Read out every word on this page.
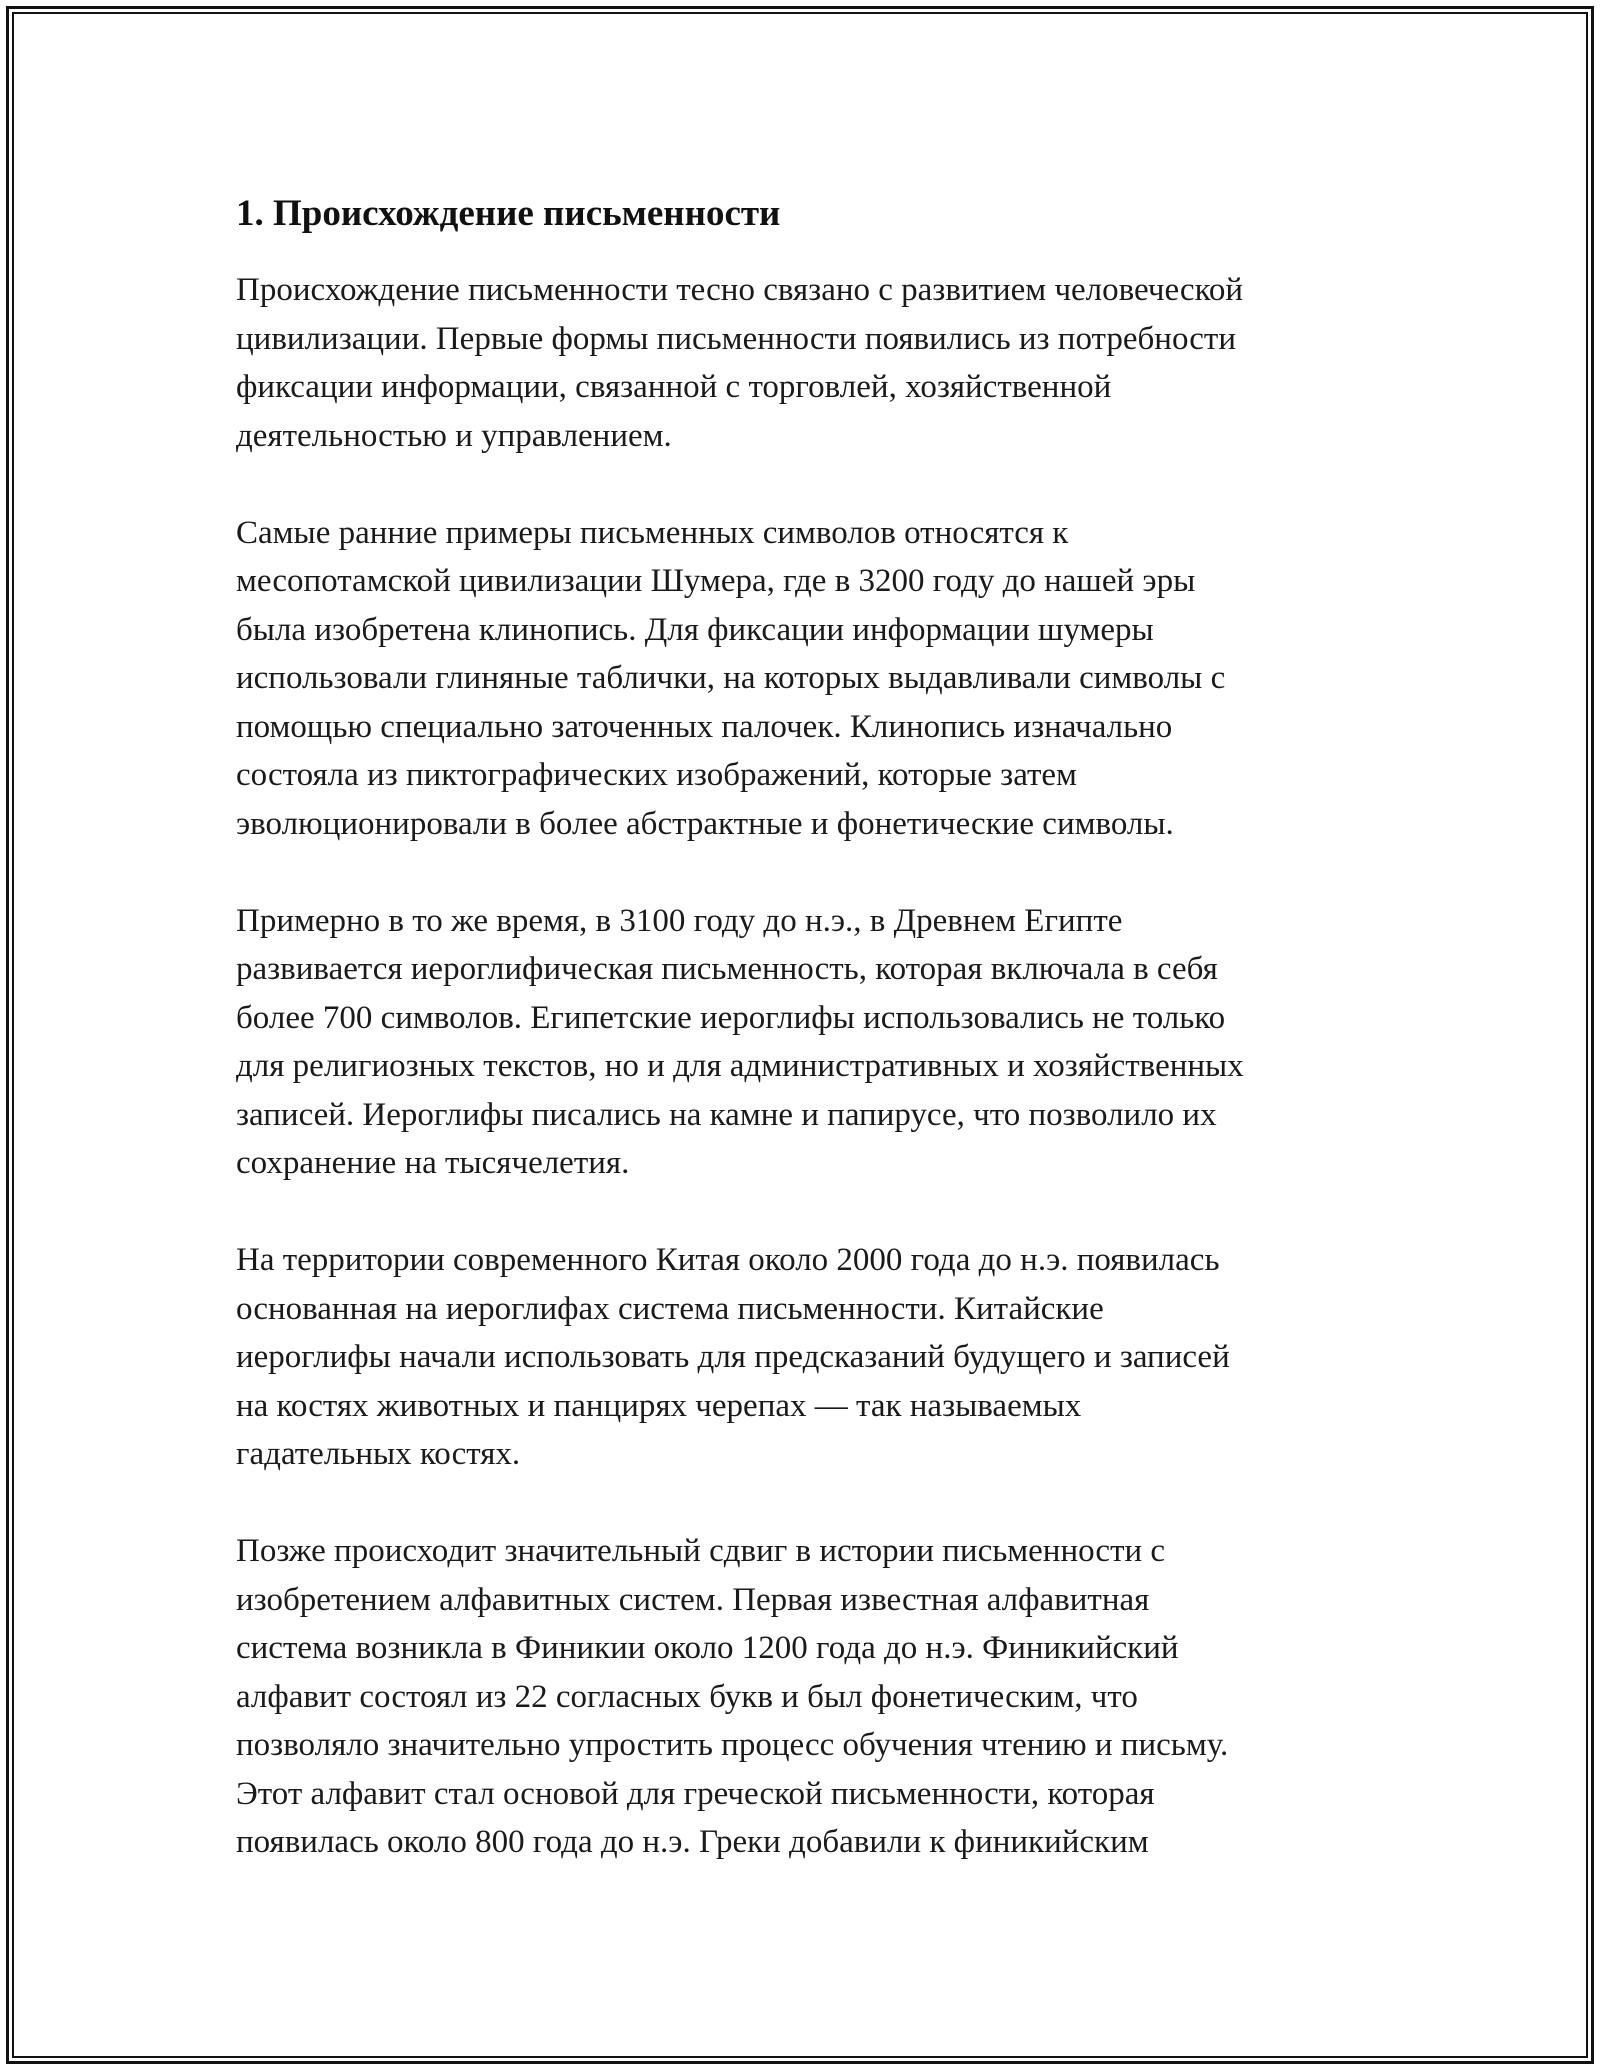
1. Происхождение письменности

Происхождение письменности тесно связано с развитием человеческой
цивилизации. Первые формы письменности появились из потребности
фиксации информации, связанной с торговлей, хозяйственной
деятельностью и управлением.

Самые ранние примеры письменных символов относятся к
месопотамской цивилизации Шумера, где в 3200 году до нашей эры
была изобретена клинопись. Для фиксации информации шумеры
использовали глиняные таблички, на которых выдавливали символы с
помощью специально заточенных палочек. Клинопись изначально
состояла из пиктографических изображений, которые затем
эволюционировали в более абстрактные и фонетические символы.

Примерно в то же время, в 3100 году до н.э., в Древнем Египте
развивается иероглифическая письменность, которая включала в себя
более 700 символов. Египетские иероглифы использовались не только
для религиозных текстов, но и для административных и хозяйственных
записей. Иероглифы писались на камне и папирусе, что позволило их
сохранение на тысячелетия.

На территории современного Китая около 2000 года до н.э. появилась
основанная на иероглифах система письменности. Китайские
иероглифы начали использовать для предсказаний будущего и записей
на костях животных и панцирях черепах — так называемых
гадательных костях.

Позже происходит значительный сдвиг в истории письменности с
изобретением алфавитных систем. Первая известная алфавитная
система возникла в Финикии около 1200 года до н.э. Финикийский
алфавит состоял из 22 согласных букв и был фонетическим, что
позволяло значительно упростить процесс обучения чтению и письму.
Этот алфавит стал основой для греческой письменности, которая
появилась около 800 года до н.э. Греки добавили к финикийским
